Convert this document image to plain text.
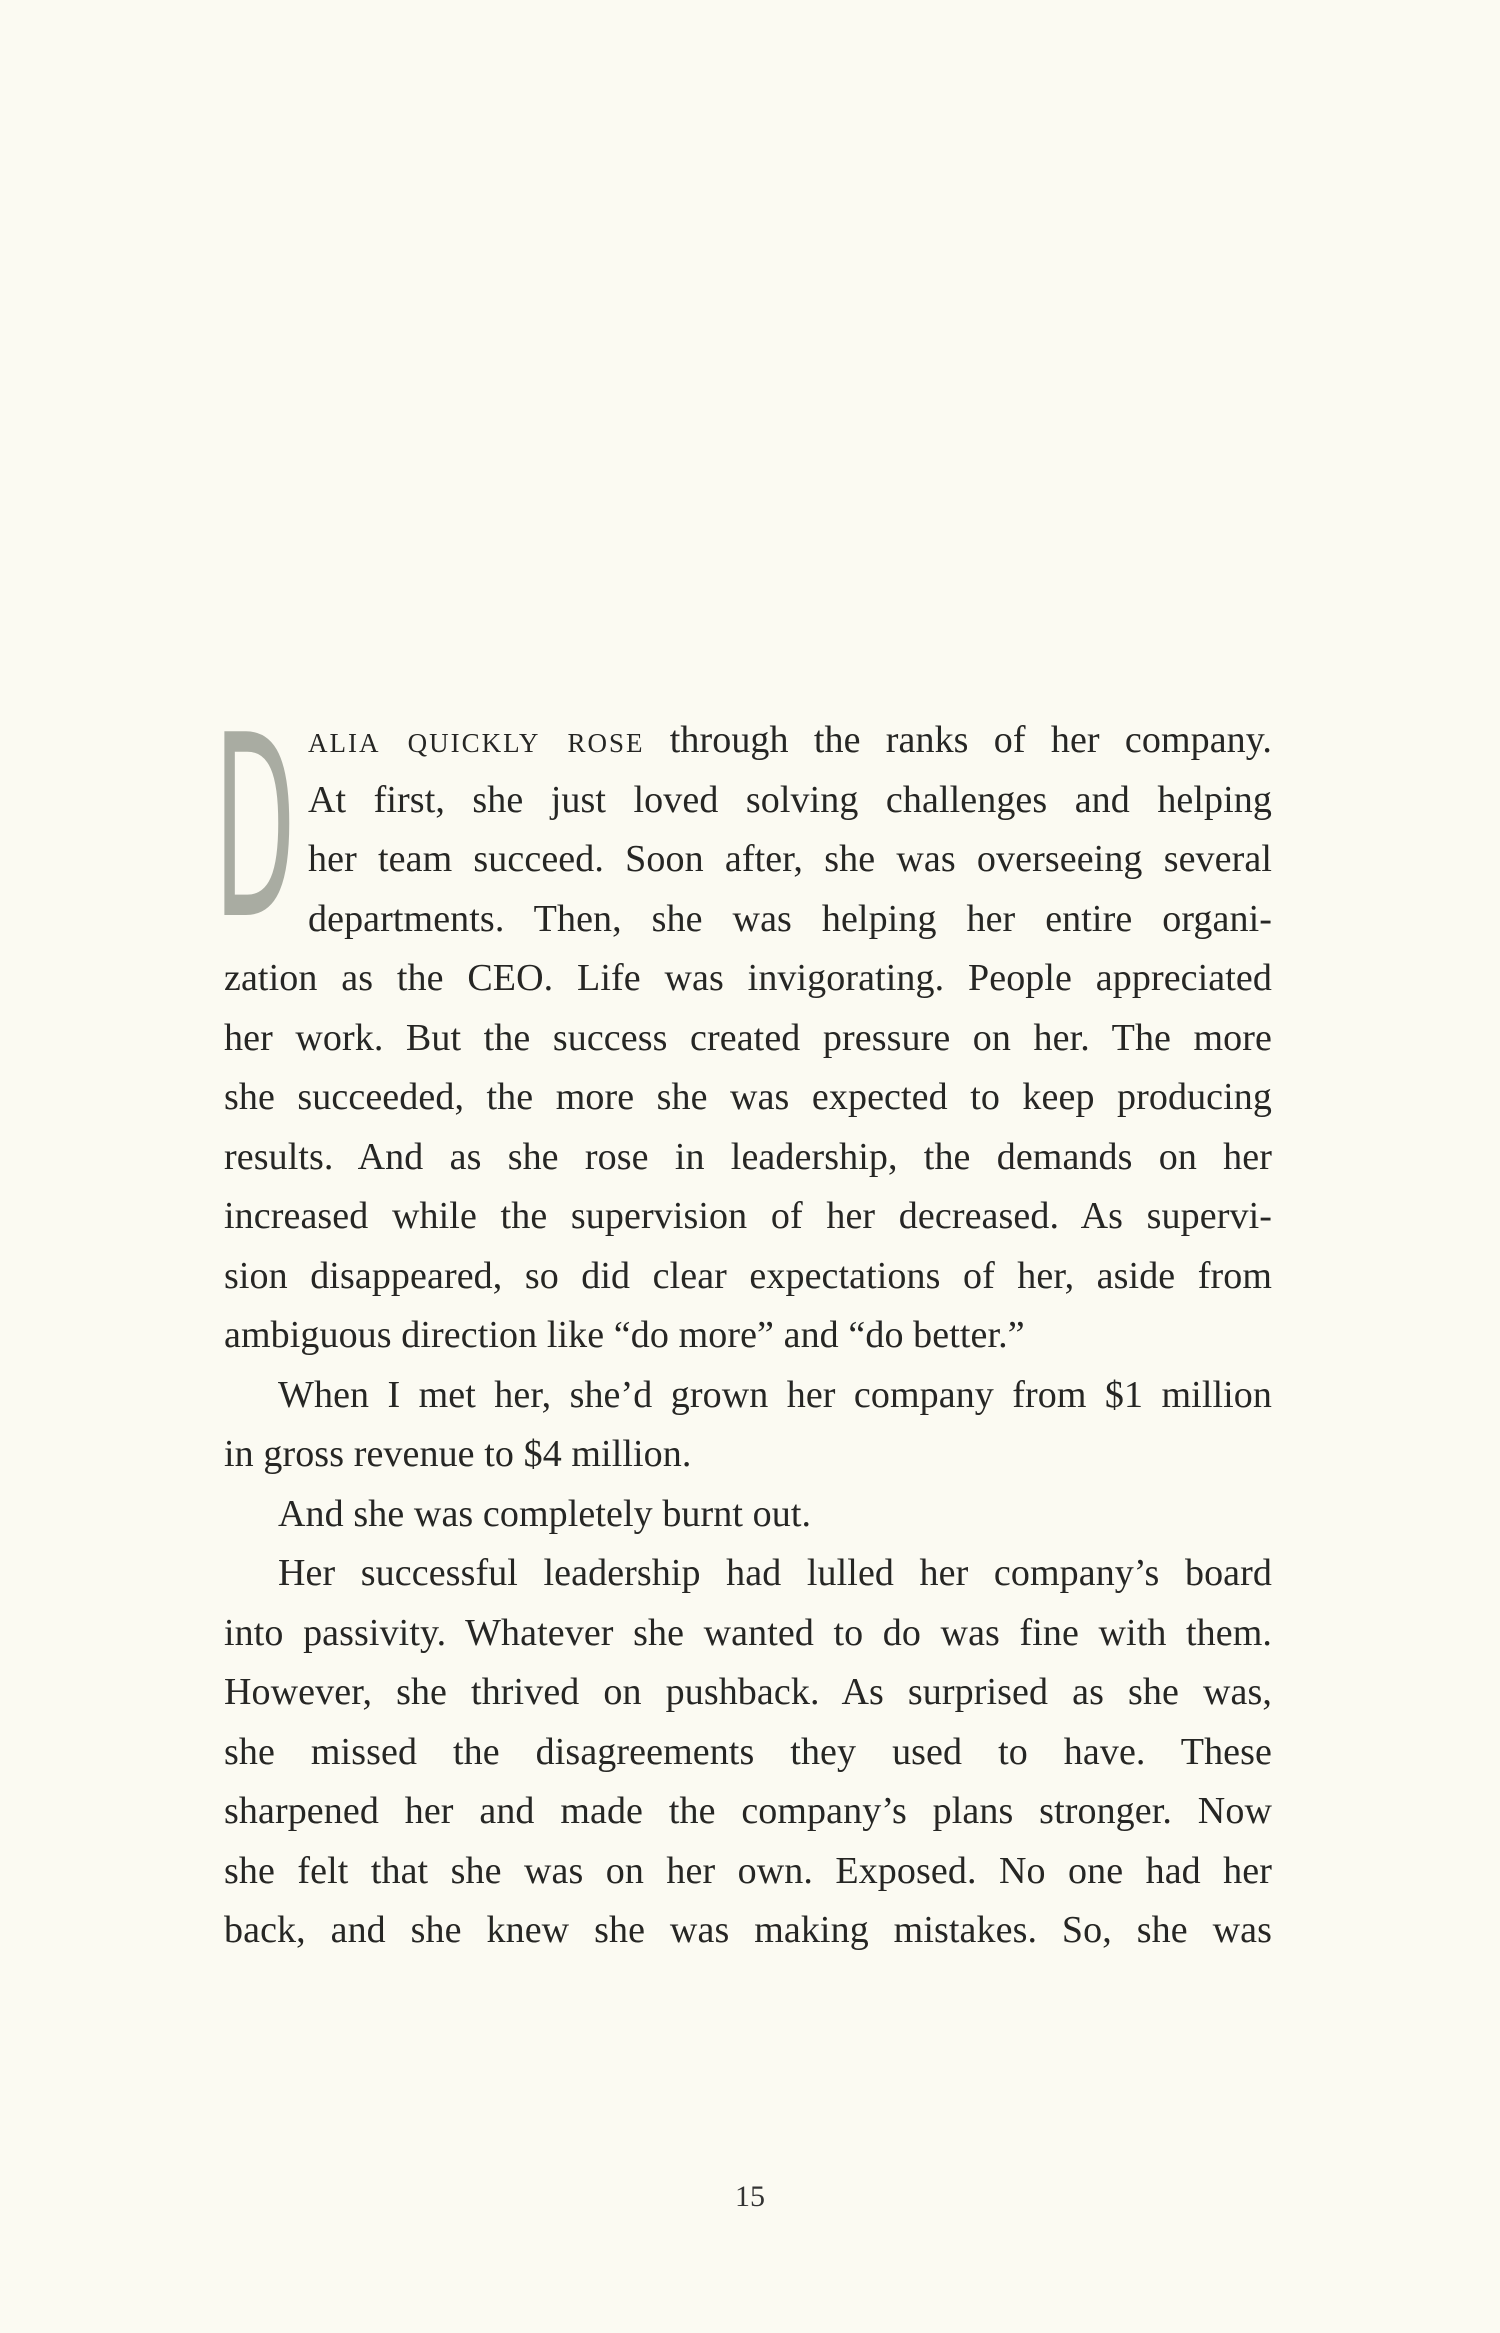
D alia quickly rose through the ranks of her company.
At first, she just loved solving challenges and helping
her team succeed. Soon after, she was overseeing several
departments. Then, she was helping her entire organi-
zation as the CEO. Life was invigorating. People appreciated
her work. But the success created pressure on her. The more
she succeeded, the more she was expected to keep producing
results. And as she rose in leadership, the demands on her
increased while the supervision of her decreased. As supervi-
sion disappeared, so did clear expectations of her, aside from
ambiguous direction like “do more” and “do better.”
When I met her, she’d grown her company from $1 million
in gross revenue to $4 million.
And she was completely burnt out.
Her successful leadership had lulled her company’s board
into passivity. Whatever she wanted to do was fine with them.
However, she thrived on pushback. As surprised as she was,
she missed the disagreements they used to have. These
sharpened her and made the company’s plans stronger. Now
she felt that she was on her own. Exposed. No one had her
back, and she knew she was making mistakes. So, she was
15
